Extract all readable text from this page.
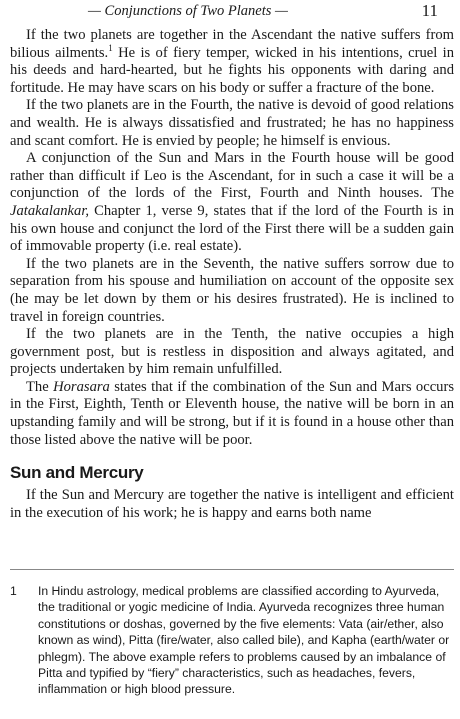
— Conjunctions of Two Planets —	11

If the two planets are together in the Ascendant the native suffers from bilious ailments.$^1$ He is of fiery temper, wicked in his intentions, cruel in his deeds and hard-hearted, but he fights his opponents with daring and fortitude. He may have scars on his body or suffer a fracture of the bone.

If the two planets are in the Fourth, the native is devoid of good relations and wealth. He is always dissatisfied and frustrated; he has no happiness and scant comfort. He is envied by people; he himself is envious.

A conjunction of the Sun and Mars in the Fourth house will be good rather than difficult if Leo is the Ascendant, for in such a case it will be a conjunction of the lords of the First, Fourth and Ninth houses. The Jatakalankar, Chapter 1, verse 9, states that if the lord of the Fourth is in his own house and conjunct the lord of the First there will be a sudden gain of immovable property (i.e. real estate).

If the two planets are in the Seventh, the native suffers sorrow due to separation from his spouse and humiliation on account of the opposite sex (he may be let down by them or his desires frustrated). He is inclined to travel in foreign countries.

If the two planets are in the Tenth, the native occupies a high government post, but is restless in disposition and always agitated, and projects undertaken by him remain unfulfilled.

The Horasara states that if the combination of the Sun and Mars occurs in the First, Eighth, Tenth or Eleventh house, the native will be born in an upstanding family and will be strong, but if it is found in a house other than those listed above the native will be poor.

Sun and Mercury

If the Sun and Mercury are together the native is intelligent and efficient in the execution of his work; he is happy and earns both name

1 In Hindu astrology, medical problems are classified according to Ayurveda, the traditional or yogic medicine of India. Ayurveda recognizes three human constitutions or doshas, governed by the five elements: Vata (air/ether, also known as wind), Pitta (fire/water, also called bile), and Kapha (earth/water or phlegm). The above example refers to problems caused by an imbalance of Pitta and typified by “fiery” characteristics, such as headaches, fevers, inflammation or high blood pressure.
